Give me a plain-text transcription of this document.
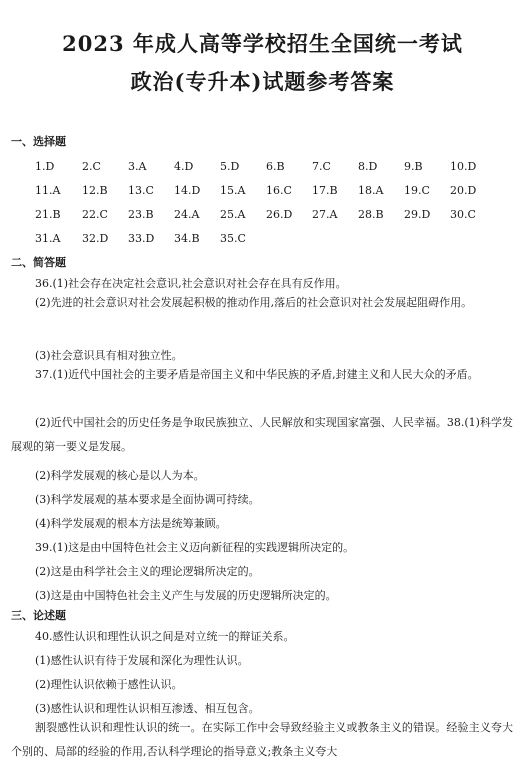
2023 年成人高等学校招生全国统一考试
政治(专升本)试题参考答案
一、选择题
1.D	2.C 3.A	4.D 5.D 6.B 7.C 8.D 9.B 10.D
11.A 12.B 13.C 14.D 15.A 16.C 17.B 18.A 19.C 20.D
21.B 22.C 23.B 24.A 25.A 26.D 27.A 28.B 29.D 30.C
31.A 32.D 33.D 34.B 35.C
二、简答题
36.(1)社会存在决定社会意识,社会意识对社会存在具有反作用。
(2)先进的社会意识对社会发展起积极的推动作用,落后的社会意识对社会发展起阻碍作用。
(3)社会意识具有相对独立性。
37.(1)近代中国社会的主要矛盾是帝国主义和中华民族的矛盾,封建主义和人民大众的矛盾。
(2)近代中国社会的历史任务是争取民族独立、人民解放和实现国家富强、人民幸福。38.(1)科学发展观的第一要义是发展。
(2)科学发展观的核心是以人为本。
(3)科学发展观的基本要求是全面协调可持续。
(4)科学发展观的根本方法是统筹兼顾。
39.(1)这是由中国特色社会主义迈向新征程的实践逻辑所决定的。
(2)这是由科学社会主义的理论逻辑所决定的。
(3)这是由中国特色社会主义产生与发展的历史逻辑所决定的。
三、论述题
40.感性认识和理性认识之间是对立统一的辩证关系。
(1)感性认识有待于发展和深化为理性认识。
(2)理性认识依赖于感性认识。
(3)感性认识和理性认识相互渗透、相互包含。
割裂感性认识和理性认识的统一。在实际工作中会导致经验主义或教条主义的错误。经验主义夸大个别的、局部的经验的作用,否认科学理论的指导意义;教条主义夸大
